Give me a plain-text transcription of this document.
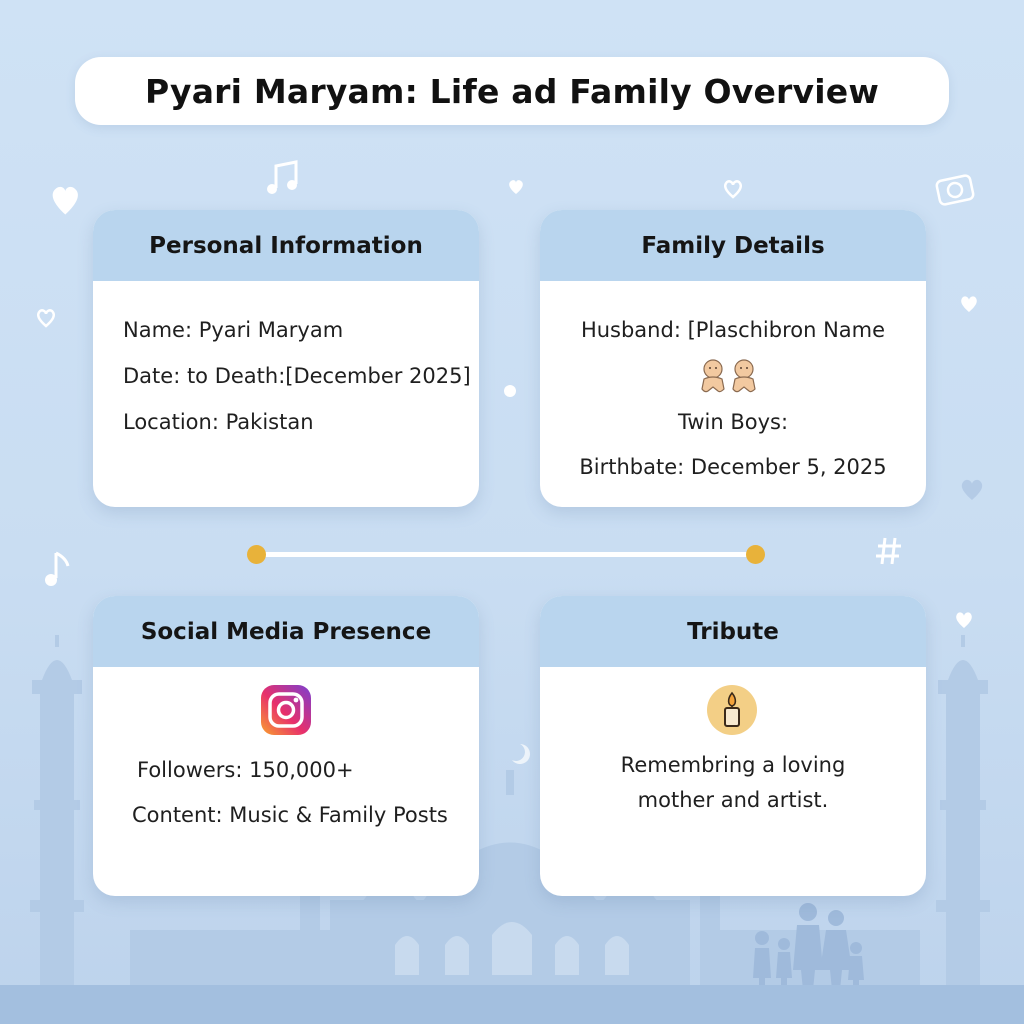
Pyari Maryam: Life ad Family Overview
Personal Information
Name: Pyari Maryam
Date: to Death:[December 2025]
Location: Pakistan
Family Details
Husband: [Plaschibron Name
Twin Boys:
Birthbate: December 5, 2025
Social Media Presence
Followers: 150,000+
Content: Music & Family Posts
Tribute
Remembring a loving
mother and artist.
